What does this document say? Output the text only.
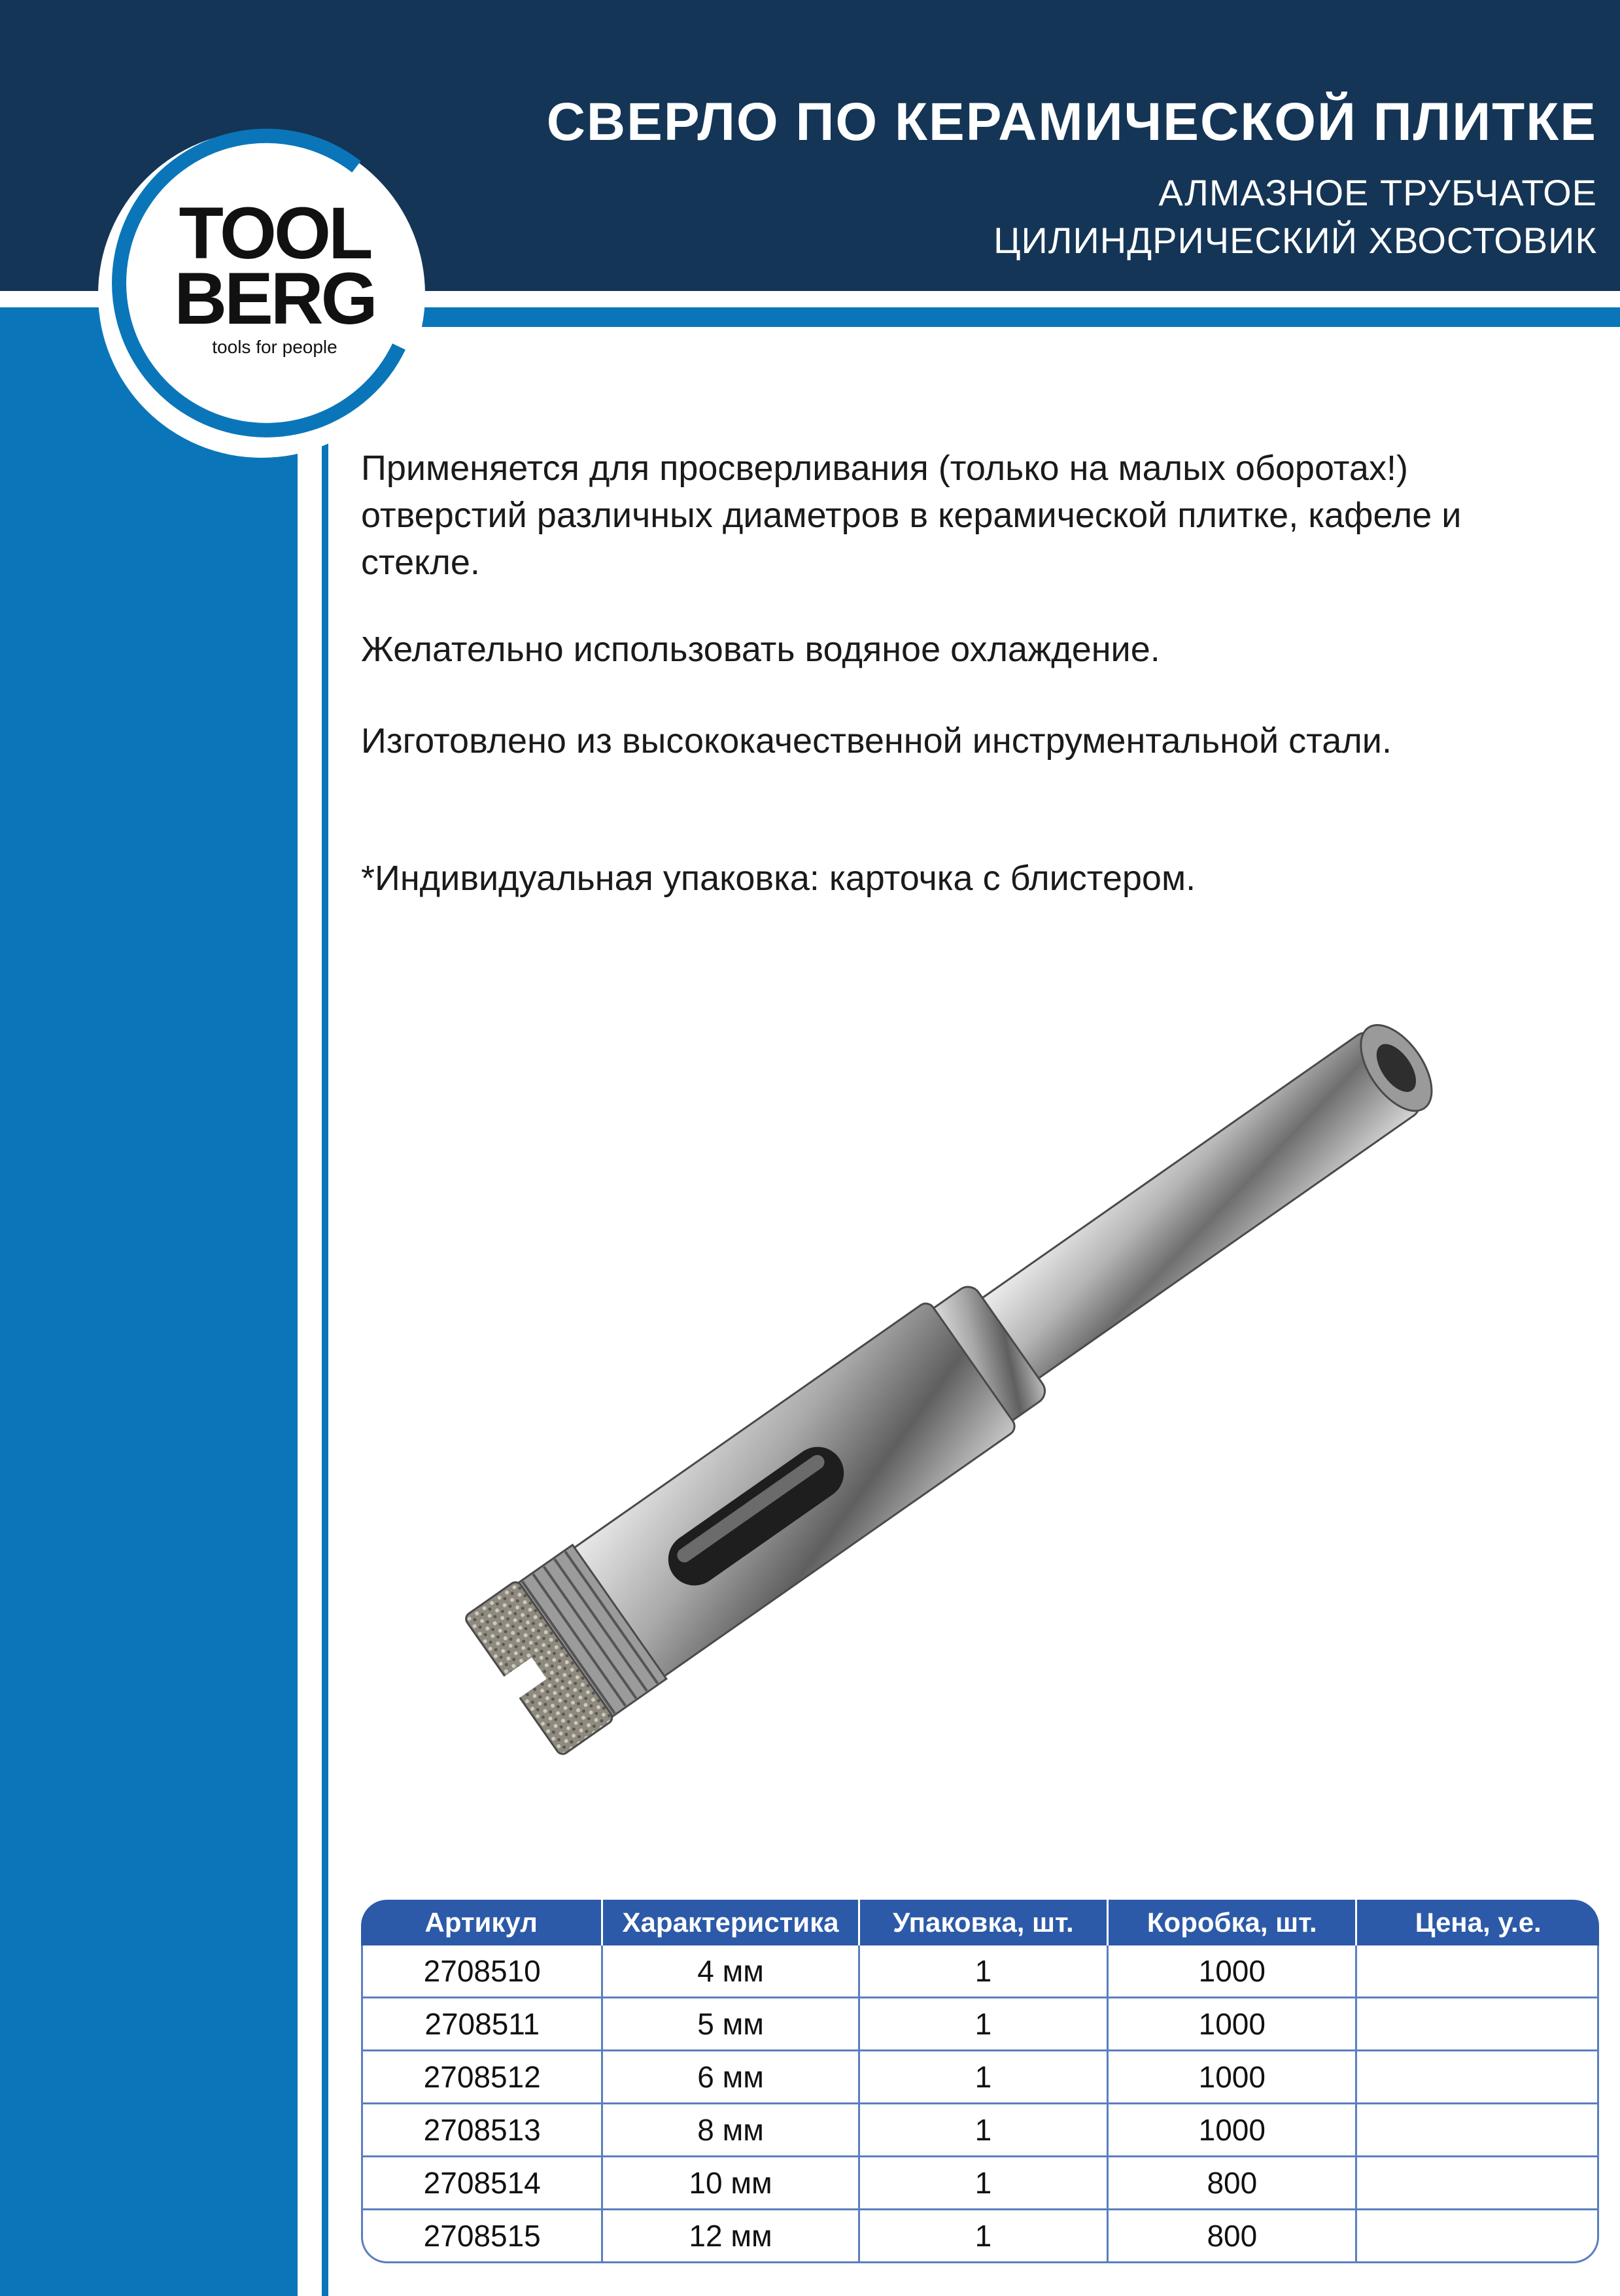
СВЕРЛО ПО КЕРАМИЧЕСКОЙ ПЛИТКЕ
АЛМАЗНОЕ ТРУБЧАТОЕ
ЦИЛИНДРИЧЕСКИЙ ХВОСТОВИК
TOOL
BERG
tools for people

Применяется для просверливания (только на малых оборотах!) отверстий различных диаметров в керамической плитке, кафеле и стекле.

Желательно использовать водяное охлаждение.

Изготовлено из высококачественной инструментальной стали.

*Индивидуальная упаковка: карточка с блистером.

Артикул	Характеристика	Упаковка, шт.	Коробка, шт.	Цена, у.е.
2708510	4 мм	1	1000	
2708511	5 мм	1	1000	
2708512	6 мм	1	1000	
2708513	8 мм	1	1000	
2708514	10 мм	1	800	
2708515	12 мм	1	800	
